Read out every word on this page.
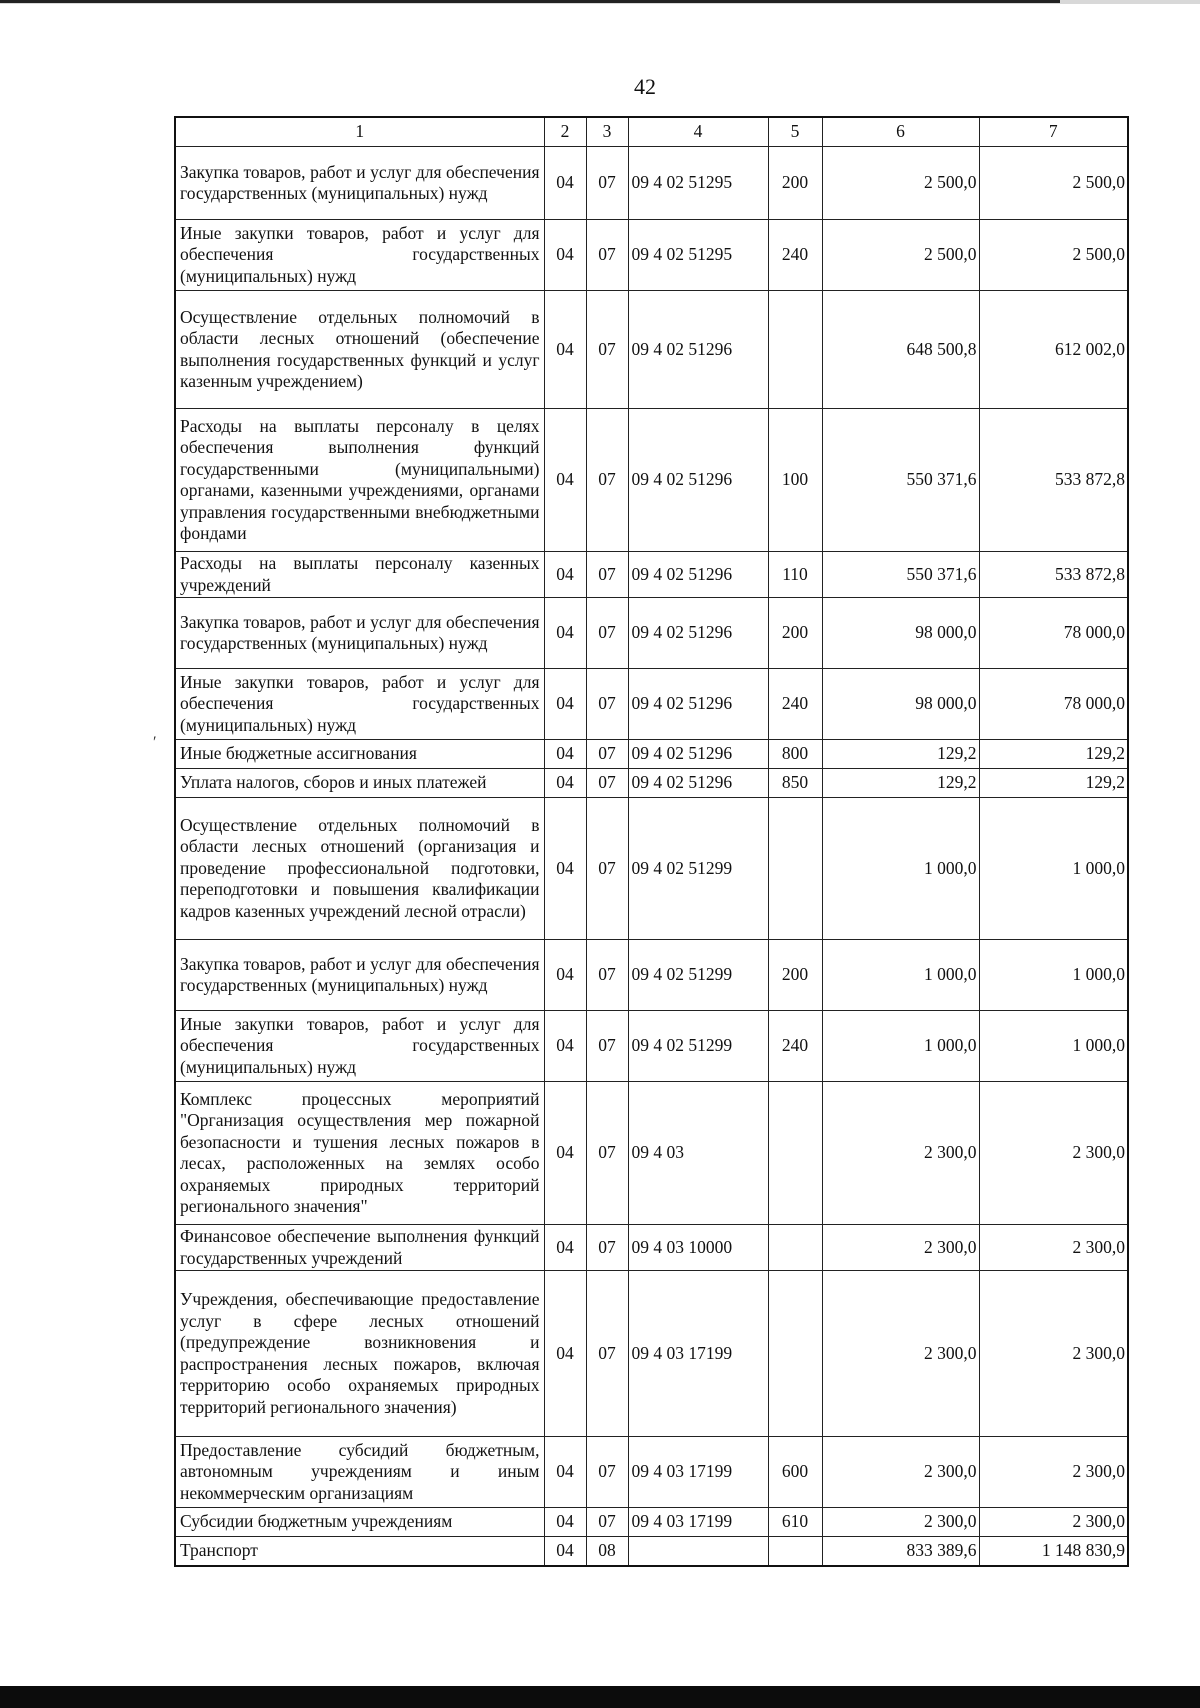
42
1	2	3	4	5	6	7
Закупка товаров, работ и услуг для обеспечения государственных (муниципальных) нужд	04	07	09 4 02 51295	200	2 500,0	2 500,0
Иные закупки товаров, работ и услуг для обеспечения государственных (муниципальных) нужд	04	07	09 4 02 51295	240	2 500,0	2 500,0
Осуществление отдельных полномочий в области лесных отношений (обеспечение выполнения государственных функций и услуг казенным учреждением)	04	07	09 4 02 51296		648 500,8	612 002,0
Расходы на выплаты персоналу в целях обеспечения выполнения функций государственными (муниципальными) органами, казенными учреждениями, органами управления государственными внебюджетными фондами	04	07	09 4 02 51296	100	550 371,6	533 872,8
Расходы на выплаты персоналу казенных учреждений	04	07	09 4 02 51296	110	550 371,6	533 872,8
Закупка товаров, работ и услуг для обеспечения государственных (муниципальных) нужд	04	07	09 4 02 51296	200	98 000,0	78 000,0
Иные закупки товаров, работ и услуг для обеспечения государственных (муниципальных) нужд	04	07	09 4 02 51296	240	98 000,0	78 000,0
Иные бюджетные ассигнования	04	07	09 4 02 51296	800	129,2	129,2
Уплата налогов, сборов и иных платежей	04	07	09 4 02 51296	850	129,2	129,2
Осуществление отдельных полномочий в области лесных отношений (организация и проведение профессиональной подготовки, переподготовки и повышения квалификации кадров казенных учреждений лесной отрасли)	04	07	09 4 02 51299		1 000,0	1 000,0
Закупка товаров, работ и услуг для обеспечения государственных (муниципальных) нужд	04	07	09 4 02 51299	200	1 000,0	1 000,0
Иные закупки товаров, работ и услуг для обеспечения государственных (муниципальных) нужд	04	07	09 4 02 51299	240	1 000,0	1 000,0
Комплекс процессных мероприятий "Организация осуществления мер пожарной безопасности и тушения лесных пожаров в лесах, расположенных на землях особо охраняемых природных территорий регионального значения"	04	07	09 4 03		2 300,0	2 300,0
Финансовое обеспечение выполнения функций государственных учреждений	04	07	09 4 03 10000		2 300,0	2 300,0
Учреждения, обеспечивающие предоставление услуг в сфере лесных отношений (предупреждение возникновения и распространения лесных пожаров, включая территорию особо охраняемых природных территорий регионального значения)	04	07	09 4 03 17199		2 300,0	2 300,0
Предоставление субсидий бюджетным, автономным учреждениям и иным некоммерческим организациям	04	07	09 4 03 17199	600	2 300,0	2 300,0
Субсидии бюджетным учреждениям	04	07	09 4 03 17199	610	2 300,0	2 300,0
Транспорт	04	08			833 389,6	1 148 830,9
′
